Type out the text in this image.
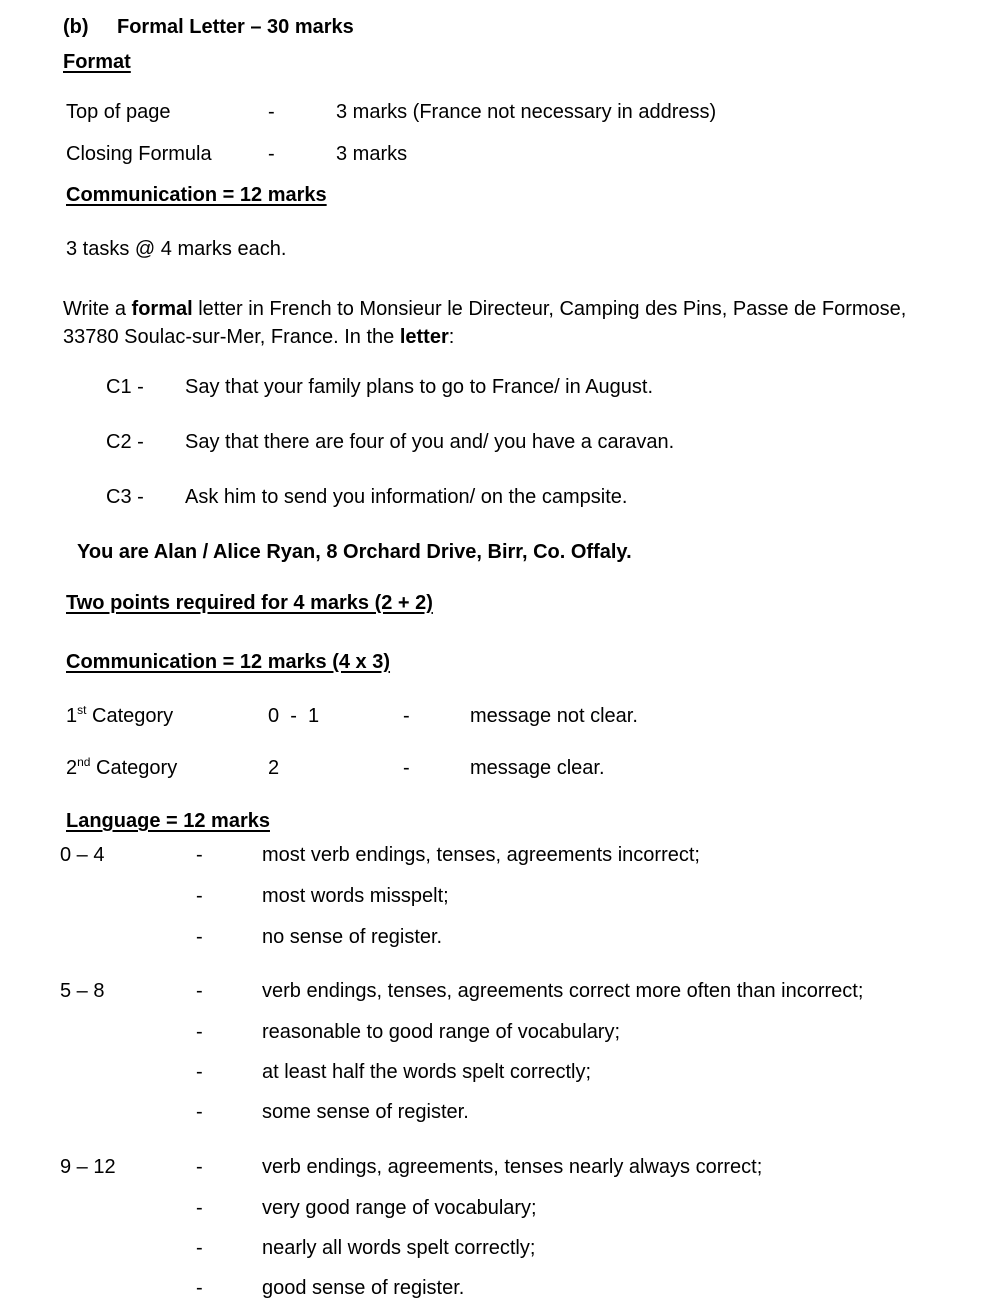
(b) Formal Letter – 30 marks
Format
Top of page	-	3 marks (France not necessary in address)
Closing Formula	-	3 marks
Communication = 12 marks
3 tasks @ 4 marks each.
Write a formal letter in French to Monsieur le Directeur, Camping des Pins, Passe de Formose,
33780 Soulac-sur-Mer, France. In the letter:
C1 - Say that your family plans to go to France/ in August.
C2 - Say that there are four of you and/ you have a caravan.
C3 - Ask him to send you information/ on the campsite.
You are Alan / Alice Ryan, 8 Orchard Drive, Birr, Co. Offaly.
Two points required for 4 marks (2 + 2)
Communication = 12 marks (4 x 3)
1st Category	0  -  1	-	message not clear.
2nd Category	2	-	message clear.
Language = 12 marks
0 – 4	-	most verb endings, tenses, agreements incorrect;
-	most words misspelt;
-	no sense of register.
5 – 8	-	verb endings, tenses, agreements correct more often than incorrect;
-	reasonable to good range of vocabulary;
-	at least half the words spelt correctly;
-	some sense of register.
9 – 12	-	verb endings, agreements, tenses nearly always correct;
-	very good range of vocabulary;
-	nearly all words spelt correctly;
-	good sense of register.
